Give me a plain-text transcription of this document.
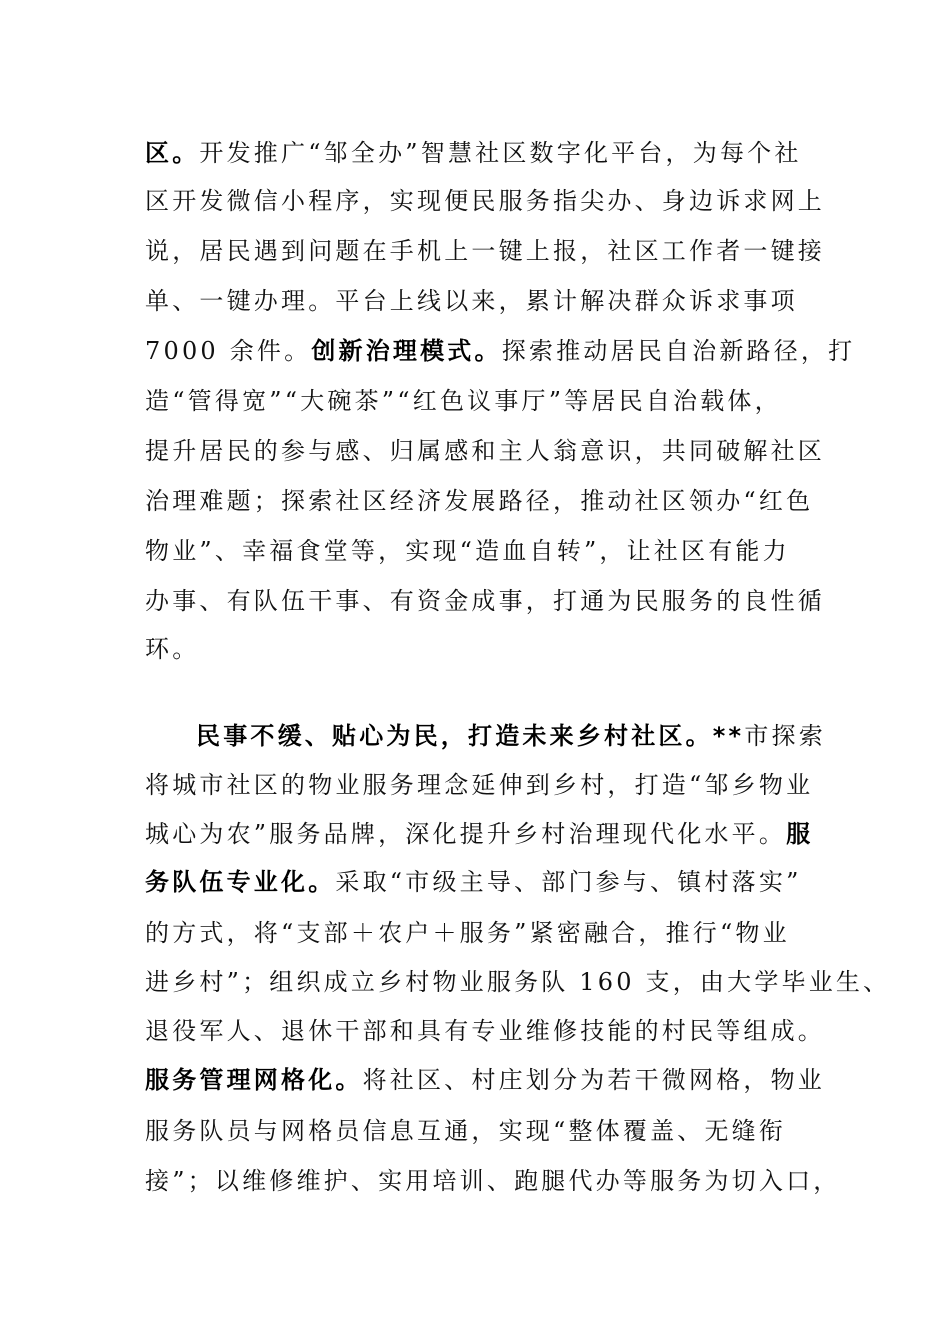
区。开发推广“邹全办”智慧社区数字化平台，为每个社
区开发微信小程序，实现便民服务指尖办、身边诉求网上
说，居民遇到问题在手机上一键上报，社区工作者一键接
单、一键办理。平台上线以来，累计解决群众诉求事项
7000 余件。创新治理模式。探索推动居民自治新路径，打
造“管得宽”“大碗茶”“红色议事厅”等居民自治载体，
提升居民的参与感、归属感和主人翁意识，共同破解社区
治理难题；探索社区经济发展路径，推动社区领办“红色
物业”、幸福食堂等，实现“造血自转”，让社区有能力
办事、有队伍干事、有资金成事，打通为民服务的良性循
环。
民事不缓、贴心为民，打造未来乡村社区。**市探索
将城市社区的物业服务理念延伸到乡村，打造“邹乡物业
城心为农”服务品牌，深化提升乡村治理现代化水平。服
务队伍专业化。采取“市级主导、部门参与、镇村落实”
的方式，将“支部＋农户＋服务”紧密融合，推行“物业
进乡村”；组织成立乡村物业服务队 160 支，由大学毕业生、
退役军人、退休干部和具有专业维修技能的村民等组成。
服务管理网格化。将社区、村庄划分为若干微网格，物业
服务队员与网格员信息互通，实现“整体覆盖、无缝衔
接”；以维修维护、实用培训、跑腿代办等服务为切入口，
